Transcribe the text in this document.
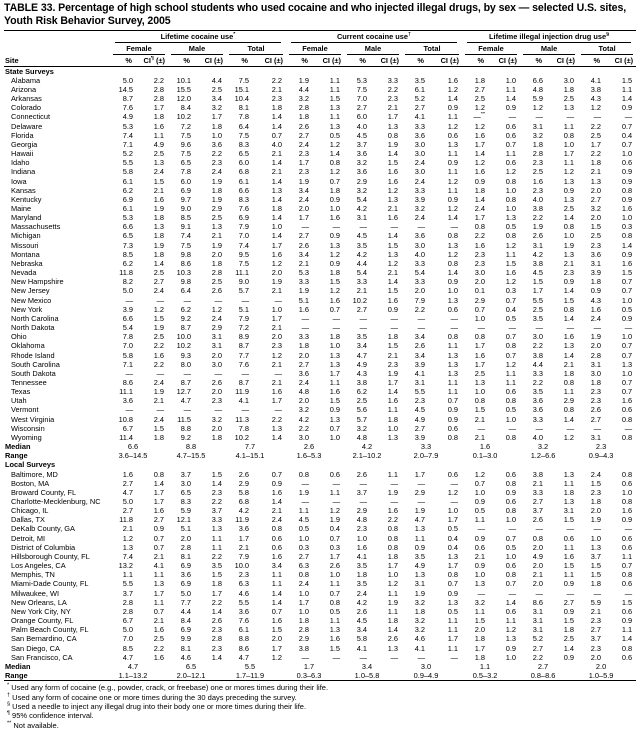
TABLE 33. Percentage of high school students who used cocaine and who injected illegal drugs, by sex — selected U.S. sites, Youth Risk Behavior Survey, 2005

	Lifetime cocaine use*						Current cocaine use†						Lifetime illegal injection drug use§

	Female		Male		Total		Female		Male		Total		Female		Male		Total	

Site	%	CI¶ (±)	%	CI (±)	%	CI (±)	%	CI (±)	%	CI (±)	%	CI (±)	%	CI (±)	%	CI (±)	%	CI (±)
State Surveys																		
Alabama	5.0	2.2	10.1	4.4	7.5	2.2	1.9	1.1	5.3	3.3	3.5	1.6	1.8	1.0	6.6	3.0	4.1	1.5
Arizona	14.5	2.8	15.5	2.5	15.1	2.1	4.4	1.1	7.5	2.2	6.1	1.2	2.7	1.1	4.8	1.8	3.8	1.1
Arkansas	8.7	2.8	12.0	3.4	10.4	2.3	3.2	1.5	7.0	2.3	5.2	1.4	2.5	1.4	5.9	2.5	4.3	1.4
Colorado	7.6	1.7	8.4	3.2	8.1	1.8	2.8	1.3	2.7	2.1	2.7	0.9	1.2	0.9	1.2	1.3	1.2	0.9
Connecticut	4.9	1.8	10.2	1.7	7.8	1.4	1.8	1.1	6.0	1.7	4.1	1.1	—**	—	—	—	—	—
Delaware	5.3	1.6	7.2	1.8	6.4	1.4	2.6	1.3	4.0	1.3	3.3	1.2	1.2	0.6	3.1	1.1	2.2	0.7
Florida	7.4	1.1	7.5	1.0	7.5	0.7	2.7	0.5	4.5	0.8	3.6	0.6	1.6	0.6	3.2	0.8	2.5	0.4
Georgia	7.1	4.9	9.6	3.6	8.3	4.0	2.4	1.2	3.7	1.9	3.0	1.3	1.7	0.7	1.8	1.0	1.7	0.7
Hawaii	5.2	2.5	7.5	2.2	6.5	2.1	2.3	1.4	3.6	1.4	3.0	1.1	1.4	1.1	2.8	1.7	2.2	1.0
Idaho	5.5	1.3	6.5	2.3	6.0	1.4	1.7	0.8	3.2	1.5	2.4	0.9	1.2	0.6	2.3	1.1	1.8	0.6
Indiana	5.8	2.4	7.8	2.4	6.8	2.1	2.3	1.2	3.6	1.6	3.0	1.1	1.6	1.2	2.5	1.2	2.1	0.9
Iowa	6.1	1.5	6.0	1.9	6.1	1.4	1.9	0.7	2.9	1.6	2.4	1.2	0.9	0.8	1.6	1.3	1.3	0.9
Kansas	6.2	2.1	6.9	1.8	6.6	1.3	3.4	1.8	3.2	1.2	3.3	1.1	1.8	1.0	2.3	0.9	2.0	0.8
Kentucky	6.9	1.6	9.7	1.9	8.3	1.4	2.4	0.9	5.4	1.3	3.9	0.9	1.4	0.8	4.0	1.3	2.7	0.9
Maine	6.1	1.9	9.0	2.9	7.6	1.8	2.0	1.0	4.2	2.1	3.2	1.2	2.4	1.0	3.8	2.5	3.2	1.6
Maryland	5.3	1.8	8.5	2.5	6.9	1.4	1.7	1.6	3.1	1.6	2.4	1.4	1.7	1.3	2.2	1.4	2.0	1.0
Massachusetts	6.6	1.3	9.1	1.3	7.9	1.0	—	—	—	—	—	—	0.8	0.5	1.9	0.8	1.5	0.3
Michigan	6.5	1.8	7.4	2.1	7.0	1.4	2.7	0.9	4.5	1.4	3.6	0.8	2.2	0.8	2.6	1.0	2.5	0.8
Missouri	7.3	1.9	7.5	1.9	7.4	1.7	2.6	1.3	3.5	1.5	3.0	1.3	1.6	1.2	3.1	1.9	2.3	1.4
Montana	8.5	1.8	9.8	2.0	9.5	1.6	3.4	1.2	4.2	1.3	4.0	1.2	2.3	1.1	4.2	1.3	3.6	0.9
Nebraska	6.2	1.4	8.6	1.8	7.5	1.2	2.1	0.9	4.4	1.2	3.3	0.8	2.3	1.5	3.8	2.1	3.1	1.6
Nevada	11.8	2.5	10.3	2.8	11.1	2.0	5.3	1.8	5.4	2.1	5.4	1.4	3.0	1.6	4.5	2.3	3.9	1.5
New Hampshire	8.2	2.7	9.8	2.5	9.0	1.9	3.3	1.5	3.3	1.4	3.3	0.9	2.0	1.2	1.5	0.9	1.8	0.7
New Jersey	5.0	2.4	6.4	2.6	5.7	2.1	1.9	1.2	2.1	1.5	2.0	1.0	0.1	0.3	1.7	1.4	0.9	0.7
New Mexico	—	—	—	—	—	—	5.1	1.6	10.2	1.6	7.9	1.3	2.9	0.7	5.5	1.5	4.3	1.0
New York	3.9	1.2	6.2	1.2	5.1	1.0	1.6	0.7	2.7	0.9	2.2	0.6	0.7	0.4	2.5	0.8	1.6	0.5
North Carolina	6.6	1.5	9.2	2.4	7.9	1.7	—	—	—	—	—	—	1.0	0.5	3.5	1.4	2.4	0.9
North Dakota	5.4	1.9	8.7	2.9	7.2	2.1	—	—	—	—	—	—	—	—	—	—	—	—
Ohio	7.8	2.5	10.0	3.1	8.9	2.0	3.3	1.8	3.5	1.8	3.4	0.8	0.8	0.7	3.0	1.6	1.9	1.0
Oklahoma	7.0	2.2	10.2	3.1	8.7	2.3	1.8	1.0	3.4	1.5	2.6	1.1	1.7	0.8	2.2	1.3	2.0	0.7
Rhode Island	5.8	1.6	9.3	2.0	7.7	1.2	2.0	1.3	4.7	2.1	3.4	1.3	1.6	0.7	3.8	1.4	2.8	0.7
South Carolina	7.1	2.2	8.0	3.0	7.6	2.1	2.7	1.3	4.9	2.3	3.9	1.3	1.7	1.2	4.4	2.1	3.1	1.3
South Dakota	—	—	—	—	—	—	3.6	1.7	4.3	1.9	4.1	1.3	2.5	1.1	3.3	1.8	3.0	1.0
Tennessee	8.6	2.4	8.7	2.6	8.7	2.1	2.4	1.1	3.8	1.7	3.1	1.1	1.3	1.1	2.2	0.8	1.8	0.7
Texas	11.1	1.9	12.7	2.0	11.9	1.6	4.8	1.6	6.2	1.4	5.5	1.1	1.0	0.6	3.5	1.1	2.3	0.7
Utah	3.6	2.1	4.7	2.3	4.1	1.7	2.0	1.5	2.5	1.6	2.3	0.7	0.8	0.8	3.6	2.9	2.3	1.6
Vermont	—	—	—	—	—	—	3.2	0.9	5.6	1.1	4.5	0.9	1.5	0.5	3.6	0.8	2.6	0.6
West Virginia	10.8	2.4	11.5	3.2	11.3	2.2	4.2	1.3	5.7	1.8	4.9	0.9	2.1	1.0	3.3	1.4	2.7	0.8
Wisconsin	6.7	1.5	8.8	2.0	7.8	1.3	2.2	0.7	3.2	1.0	2.7	0.6	—	—	—	—	—	—
Wyoming	11.4	1.8	9.2	1.8	10.2	1.4	3.0	1.0	4.8	1.3	3.9	0.8	2.1	0.8	4.0	1.2	3.1	0.8
Median	6.6		8.8		7.7		2.6		4.2		3.3		1.6		3.2		2.3	
Range	3.6–14.5		4.7–15.5		4.1–15.1		1.6–5.3		2.1–10.2		2.0–7.9		0.1–3.0		1.2–6.6		0.9–4.3	
Local Surveys																		
Baltimore, MD	1.6	0.8	3.7	1.5	2.6	0.7	0.8	0.6	2.6	1.1	1.7	0.6	1.2	0.6	3.8	1.3	2.4	0.8
Boston, MA	2.7	1.4	3.0	1.4	2.9	0.9	—	—	—	—	—	—	0.7	0.8	2.1	1.1	1.5	0.6
Broward County, FL	4.7	1.7	6.5	2.3	5.8	1.6	1.9	1.1	3.7	1.9	2.9	1.2	1.0	0.9	3.3	1.8	2.3	1.0
Charlotte-Mecklenburg, NC	5.0	1.7	8.3	2.2	6.8	1.4	—	—	—	—	—	—	0.9	0.6	2.7	1.3	1.8	0.8
Chicago, IL	2.7	1.6	5.9	3.7	4.2	2.1	1.1	1.2	2.9	1.6	1.9	1.0	0.5	0.8	3.7	3.1	2.0	1.6
Dallas, TX	11.8	2.7	12.1	3.3	11.9	2.4	4.5	1.9	4.8	2.2	4.7	1.7	1.1	1.0	2.6	1.5	1.9	0.9
DeKalb County, GA	2.1	0.9	5.1	1.3	3.6	0.8	0.5	0.4	2.3	0.8	1.3	0.5	—	—	—	—	—	—
Detroit, MI	1.2	0.7	2.0	1.1	1.7	0.6	1.0	0.7	1.0	0.8	1.1	0.4	0.9	0.7	0.8	0.6	1.0	0.6
District of Columbia	1.3	0.7	2.8	1.1	2.1	0.6	0.3	0.3	1.6	0.8	0.9	0.4	0.6	0.5	2.0	1.1	1.3	0.6
Hillsborough County, FL	7.4	2.1	8.1	2.2	7.9	1.6	2.7	1.7	4.1	1.8	3.5	1.3	2.1	1.0	4.9	1.6	3.7	1.1
Los Angeles, CA	13.2	4.1	6.9	3.5	10.0	3.4	6.3	2.6	3.5	1.7	4.9	1.7	0.9	0.6	2.0	1.5	1.5	0.7
Memphis, TN	1.1	1.1	3.6	1.5	2.3	1.1	0.8	1.0	1.8	1.0	1.3	0.8	1.0	0.8	2.1	1.1	1.5	0.8
Miami-Dade County, FL	5.5	1.3	6.9	1.8	6.3	1.1	2.4	1.1	3.5	1.2	3.1	0.7	1.3	0.7	2.0	0.9	1.8	0.6
Milwaukee, WI	3.7	1.7	5.0	1.7	4.6	1.4	1.0	0.7	2.4	1.1	1.9	0.9	—	—	—	—	—	—
New Orleans, LA	2.8	1.1	7.7	2.2	5.5	1.4	1.7	0.8	4.2	1.9	3.2	1.3	3.2	1.4	8.6	2.7	5.9	1.5
New York City, NY	2.8	0.7	4.4	1.4	3.6	0.7	1.0	0.5	2.6	1.1	1.8	0.5	1.1	0.6	3.1	0.9	2.1	0.6
Orange County, FL	6.7	2.1	8.4	2.6	7.6	1.6	1.8	1.1	4.5	1.8	3.2	1.1	1.5	1.1	3.1	1.5	2.3	0.9
Palm Beach County, FL	5.0	1.6	6.9	2.3	6.1	1.5	2.8	1.3	3.4	1.4	3.2	1.1	2.0	1.2	3.1	1.8	2.7	1.1
San Bernardino, CA	7.0	2.5	9.9	2.8	8.8	2.0	2.9	1.6	5.8	2.6	4.6	1.7	1.8	1.3	5.2	2.5	3.7	1.4
San Diego, CA	8.5	2.2	8.1	2.3	8.6	1.7	3.8	1.5	4.1	1.3	4.1	1.1	1.7	0.9	2.7	1.4	2.3	0.8
San Francisco, CA	4.7	1.6	4.6	1.4	4.7	1.2	—	—	—	—	—	—	1.8	1.0	2.2	0.9	2.0	0.6
Median	4.7		6.5		5.5		1.7		3.4		3.0		1.1		2.7		2.0	
Range	1.1–13.2		2.0–12.1		1.7–11.9		0.3–6.3		1.0–5.8		0.9–4.9		0.5–3.2		0.8–8.6		1.0–5.9	
* Used any form of cocaine (e.g., powder, crack, or freebase) one or mores times during their life.
† Used any form of cocaine one or more times during the 30 days preceding the survey.
§ Used a needle to inject any illegal drug into their body one or more times during their life.
¶ 95% confidence interval.
** Not available.
